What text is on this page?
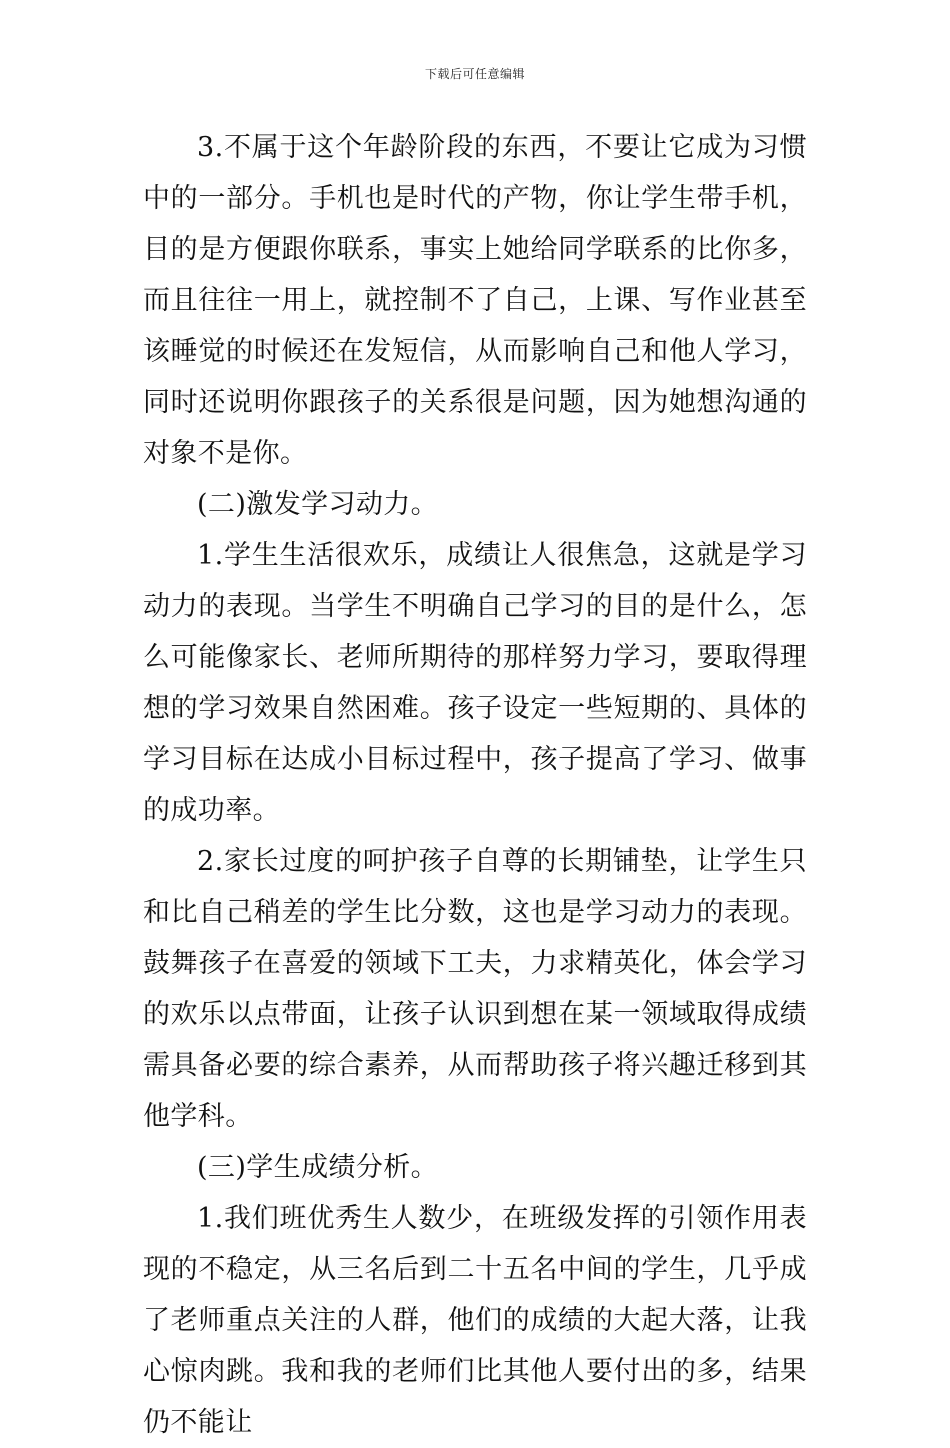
下载后可任意编辑

3.不属于这个年龄阶段的东西，不要让它成为习惯中的一部分。手机也是时代的产物，你让学生带手机，目的是方便跟你联系，事实上她给同学联系的比你多，而且往往一用上，就控制不了自己，上课、写作业甚至该睡觉的时候还在发短信，从而影响自己和他人学习，同时还说明你跟孩子的关系很是问题，因为她想沟通的对象不是你。

(二)激发学习动力。

1.学生生活很欢乐，成绩让人很焦急，这就是学习动力的表现。当学生不明确自己学习的目的是什么，怎么可能像家长、老师所期待的那样努力学习，要取得理想的学习效果自然困难。孩子设定一些短期的、具体的学习目标在达成小目标过程中，孩子提高了学习、做事的成功率。

2.家长过度的呵护孩子自尊的长期铺垫，让学生只和比自己稍差的学生比分数，这也是学习动力的表现。鼓舞孩子在喜爱的领域下工夫，力求精英化，体会学习的欢乐以点带面，让孩子认识到想在某一领域取得成绩需具备必要的综合素养，从而帮助孩子将兴趣迁移到其他学科。

(三)学生成绩分析。

1.我们班优秀生人数少，在班级发挥的引领作用表现的不稳定，从三名后到二十五名中间的学生，几乎成了老师重点关注的人群，他们的成绩的大起大落，让我心惊肉跳。我和我的老师们比其他人要付出的多，结果仍不能让
